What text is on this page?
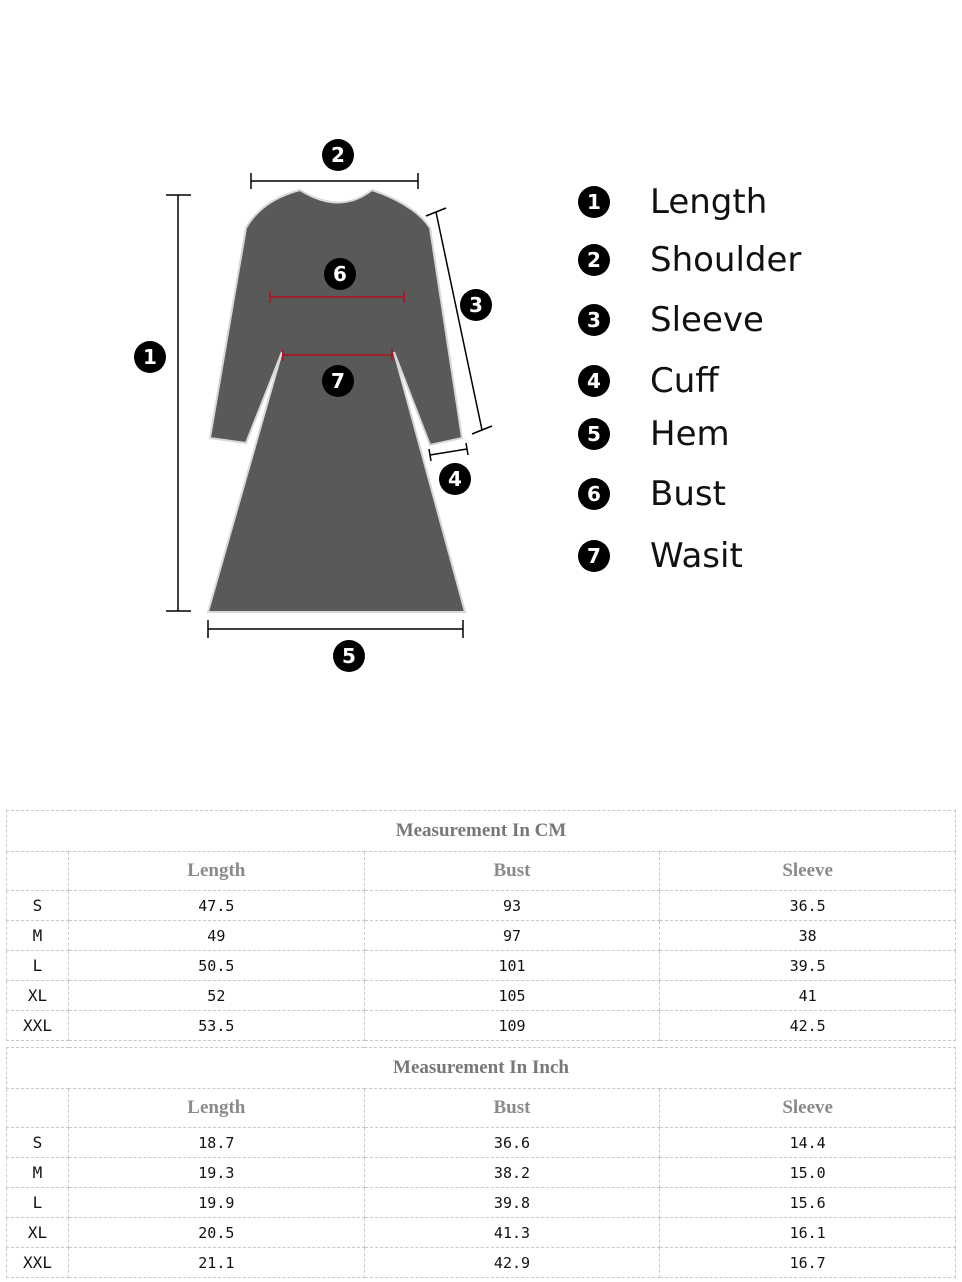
1
2
3
4
5
6
7
1 Length
2 Shoulder
3 Sleeve
4 Cuff
5 Hem
6 Bust
7 Wasit
Measurement In CM			
	Length	Bust	Sleeve
S	47.5	93	36.5
M	49	97	38
L	50.5	101	39.5
XL	52	105	41
XXL	53.5	109	42.5
Measurement In Inch			
	Length	Bust	Sleeve
S	18.7	36.6	14.4
M	19.3	38.2	15.0
L	19.9	39.8	15.6
XL	20.5	41.3	16.1
XXL	21.1	42.9	16.7
